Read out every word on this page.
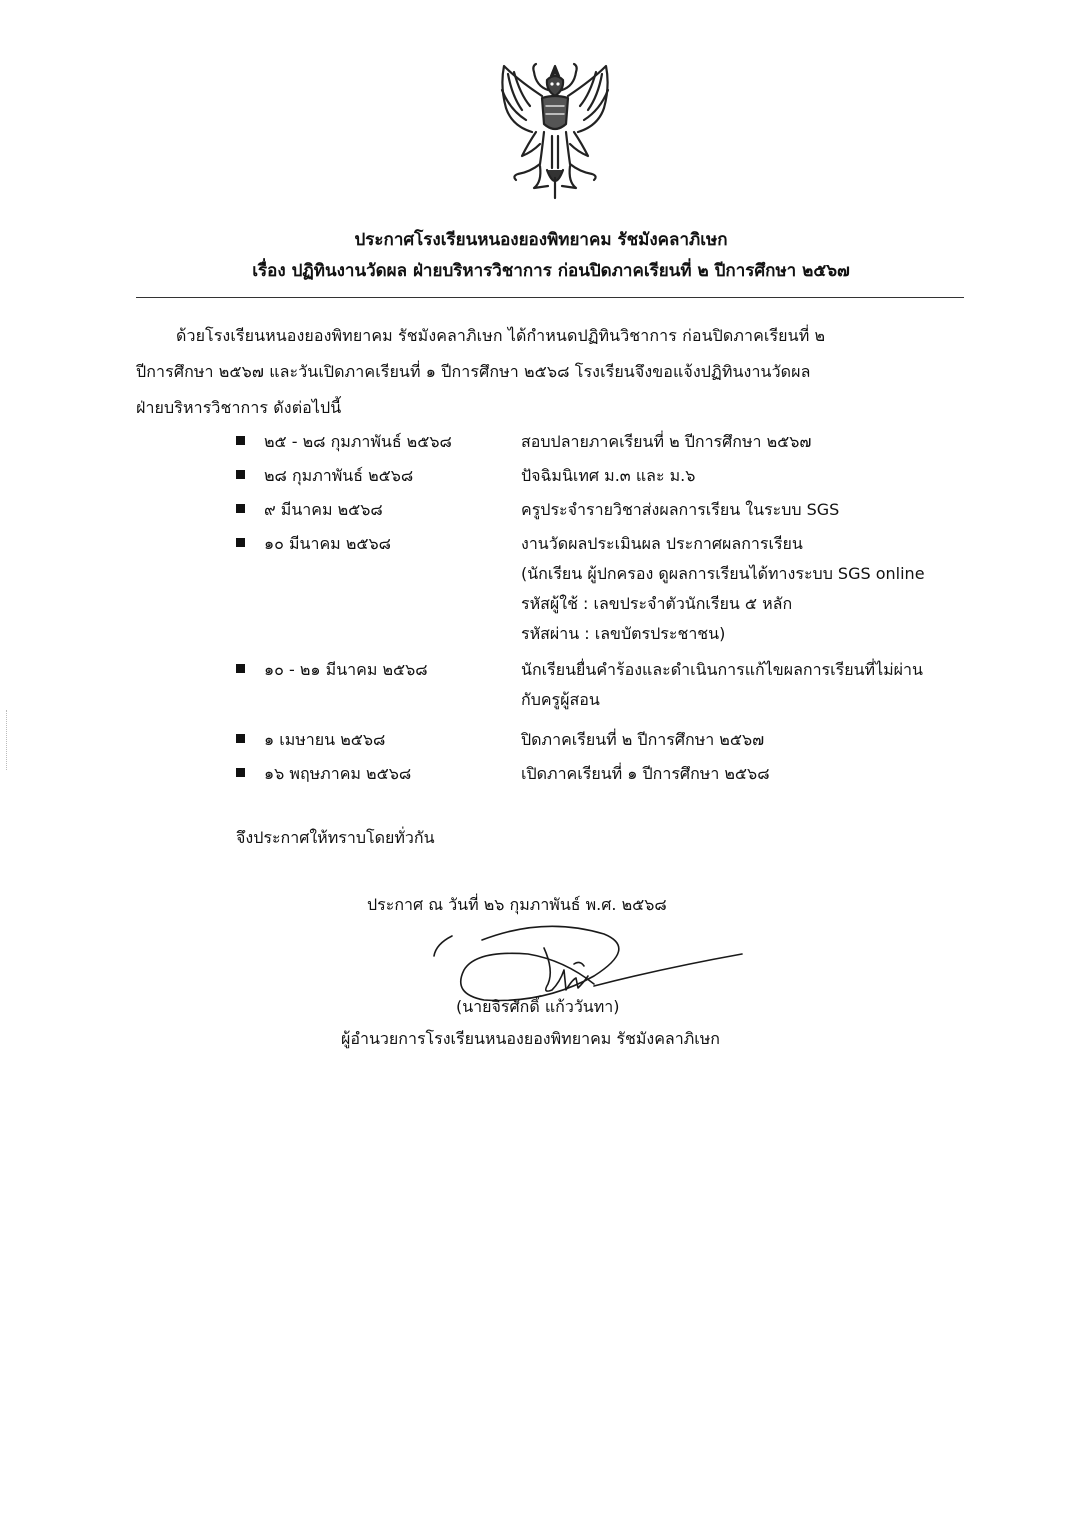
ประกาศโรงเรียนหนองยองพิทยาคม รัชมังคลาภิเษก
เรื่อง ปฏิทินงานวัดผล ฝ่ายบริหารวิชาการ ก่อนปิดภาคเรียนที่ ๒ ปีการศึกษา ๒๕๖๗
ด้วยโรงเรียนหนองยองพิทยาคม รัชมังคลาภิเษก ได้กำหนดปฏิทินวิชาการ ก่อนปิดภาคเรียนที่ ๒
ปีการศึกษา ๒๕๖๗ และวันเปิดภาคเรียนที่ ๑ ปีการศึกษา ๒๕๖๘ โรงเรียนจึงขอแจ้งปฏิทินงานวัดผล
ฝ่ายบริหารวิชาการ ดังต่อไปนี้
๒๕ - ๒๘ กุมภาพันธ์ ๒๕๖๘	สอบปลายภาคเรียนที่ ๒ ปีการศึกษา ๒๕๖๗
๒๘ กุมภาพันธ์ ๒๕๖๘	ปัจฉิมนิเทศ ม.๓ และ ม.๖
๙ มีนาคม ๒๕๖๘	ครูประจำรายวิชาส่งผลการเรียน ในระบบ SGS
๑๐ มีนาคม ๒๕๖๘	งานวัดผลประเมินผล ประกาศผลการเรียน
(นักเรียน ผู้ปกครอง ดูผลการเรียนได้ทางระบบ SGS online
รหัสผู้ใช้ : เลขประจำตัวนักเรียน ๕ หลัก
รหัสผ่าน : เลขบัตรประชาชน)
๑๐ - ๒๑ มีนาคม ๒๕๖๘	นักเรียนยื่นคำร้องและดำเนินการแก้ไขผลการเรียนที่ไม่ผ่าน
กับครูผู้สอน
๑ เมษายน ๒๕๖๘	ปิดภาคเรียนที่ ๒ ปีการศึกษา ๒๕๖๗
๑๖ พฤษภาคม ๒๕๖๘	เปิดภาคเรียนที่ ๑ ปีการศึกษา ๒๕๖๘
จึงประกาศให้ทราบโดยทั่วกัน
ประกาศ ณ วันที่ ๒๖ กุมภาพันธ์ พ.ศ. ๒๕๖๘
(นายจิรศักดิ์ แก้ววันทา)
ผู้อำนวยการโรงเรียนหนองยองพิทยาคม รัชมังคลาภิเษก
